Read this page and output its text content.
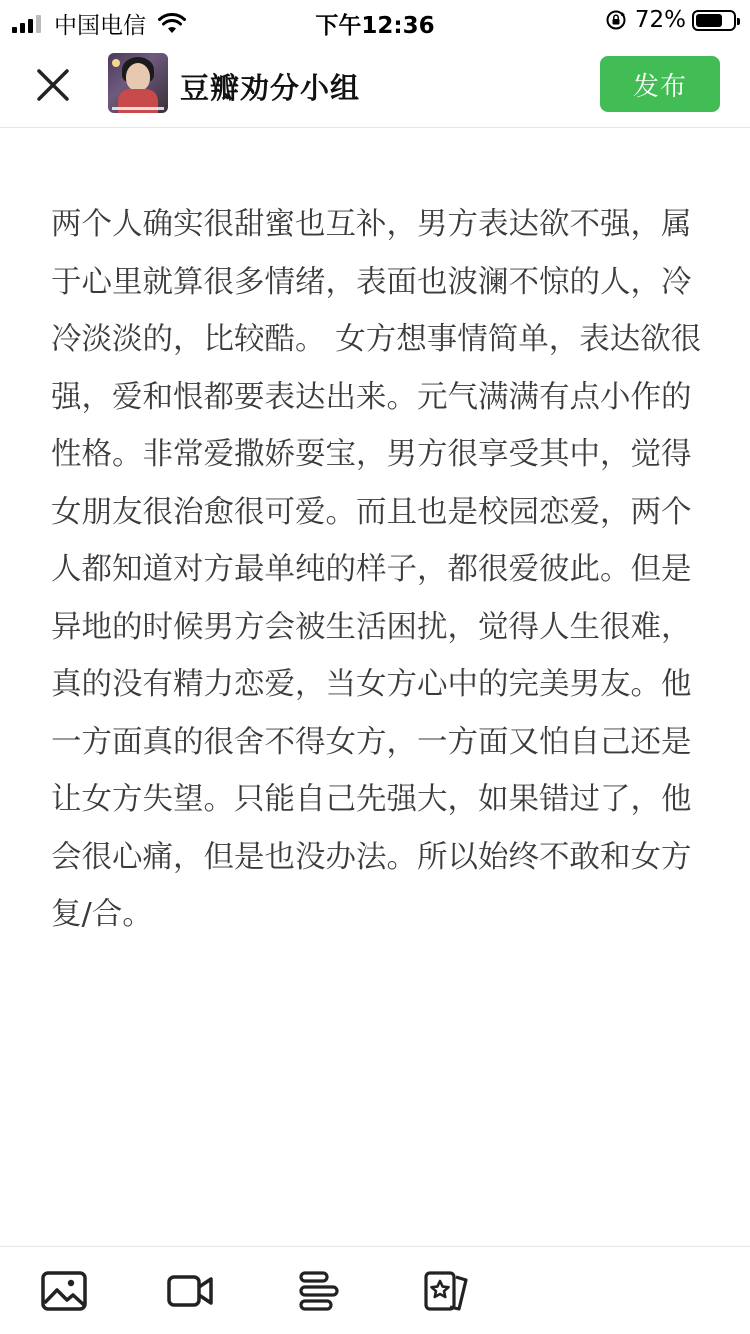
中国电信	下午12:36	72%
豆瓣劝分小组	发布
两个人确实很甜蜜也互补，男方表达欲不强，属于心里就算很多情绪，表面也波澜不惊的人，冷冷淡淡的，比较酷。 女方想事情简单，表达欲很强，爱和恨都要表达出来。元气满满有点小作的性格。非常爱撒娇耍宝，男方很享受其中，觉得女朋友很治愈很可爱。而且也是校园恋爱，两个人都知道对方最单纯的样子，都很爱彼此。但是异地的时候男方会被生活困扰，觉得人生很难，真的没有精力恋爱，当女方心中的完美男友。他一方面真的很舍不得女方，一方面又怕自己还是让女方失望。只能自己先强大，如果错过了，他会很心痛，但是也没办法。所以始终不敢和女方复/合。
